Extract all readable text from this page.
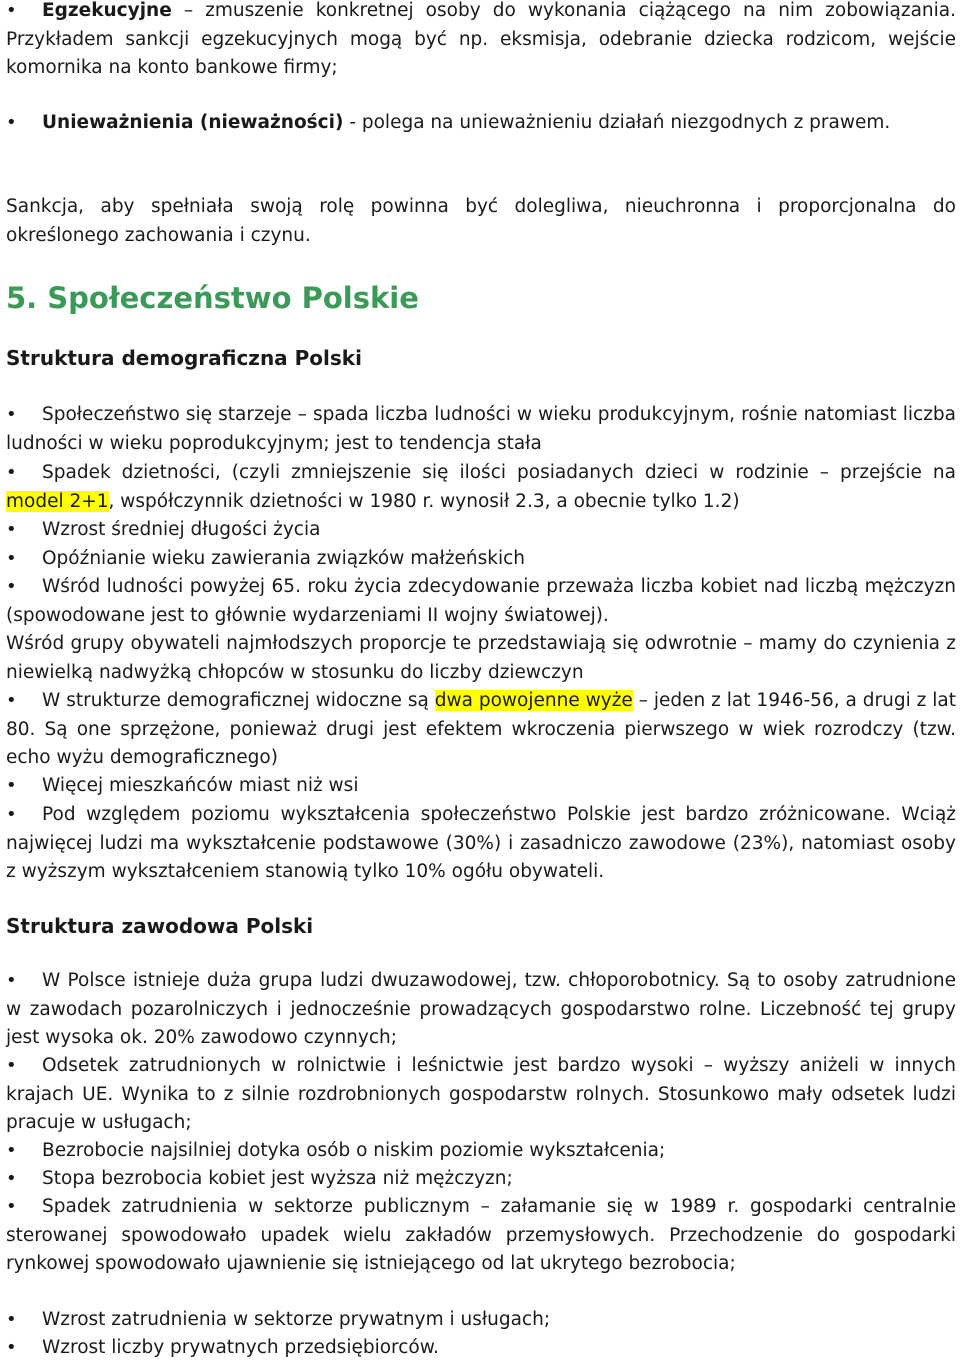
• Egzekucyjne – zmuszenie konkretnej osoby do wykonania ciążącego na nim zobowiązania. Przykładem sankcji egzekucyjnych mogą być np. eksmisja, odebranie dziecka rodzicom, wejście komornika na konto bankowe firmy;

• Unieważnienia (nieważności) - polega na unieważnieniu działań niezgodnych z prawem.

Sankcja, aby spełniała swoją rolę powinna być dolegliwa, nieuchronna i proporcjonalna do określonego zachowania i czynu.

5. Społeczeństwo Polskie
Struktura demograficzna Polski

• Społeczeństwo się starzeje – spada liczba ludności w wieku produkcyjnym, rośnie natomiast liczba ludności w wieku poprodukcyjnym; jest to tendencja stała

• Spadek dzietności, (czyli zmniejszenie się ilości posiadanych dzieci w rodzinie – przejście na model 2+1, współczynnik dzietności w 1980 r. wynosił 2.3, a obecnie tylko 1.2)

• Wzrost średniej długości życia

• Opóźnianie wieku zawierania związków małżeńskich

• Wśród ludności powyżej 65. roku życia zdecydowanie przeważa liczba kobiet nad liczbą mężczyzn (spowodowane jest to głównie wydarzeniami II wojny światowej).

Wśród grupy obywateli najmłodszych proporcje te przedstawiają się odwrotnie – mamy do czynienia z niewielką nadwyżką chłopców w stosunku do liczby dziewczyn

• W strukturze demograficznej widoczne są dwa powojenne wyże – jeden z lat 1946-56, a drugi z lat 80. Są one sprzężone, ponieważ drugi jest efektem wkroczenia pierwszego w wiek rozrodczy (tzw. echo wyżu demograficznego)

• Więcej mieszkańców miast niż wsi

• Pod względem poziomu wykształcenia społeczeństwo Polskie jest bardzo zróżnicowane. Wciąż najwięcej ludzi ma wykształcenie podstawowe (30%) i zasadniczo zawodowe (23%), natomiast osoby z wyższym wykształceniem stanowią tylko 10% ogółu obywateli.

Struktura zawodowa Polski

• W Polsce istnieje duża grupa ludzi dwuzawodowej, tzw. chłoporobotnicy. Są to osoby zatrudnione w zawodach pozarolniczych i jednocześnie prowadzących gospodarstwo rolne. Liczebność tej grupy jest wysoka ok. 20% zawodowo czynnych;

• Odsetek zatrudnionych w rolnictwie i leśnictwie jest bardzo wysoki – wyższy aniżeli w innych krajach UE. Wynika to z silnie rozdrobnionych gospodarstw rolnych. Stosunkowo mały odsetek ludzi pracuje w usługach;

• Bezrobocie najsilniej dotyka osób o niskim poziomie wykształcenia;

• Stopa bezrobocia kobiet jest wyższa niż mężczyzn;

• Spadek zatrudnienia w sektorze publicznym – załamanie się w 1989 r. gospodarki centralnie sterowanej spowodowało upadek wielu zakładów przemysłowych. Przechodzenie do gospodarki rynkowej spowodowało ujawnienie się istniejącego od lat ukrytego bezrobocia;

• Wzrost zatrudnienia w sektorze prywatnym i usługach;

• Wzrost liczby prywatnych przedsiębiorców.
